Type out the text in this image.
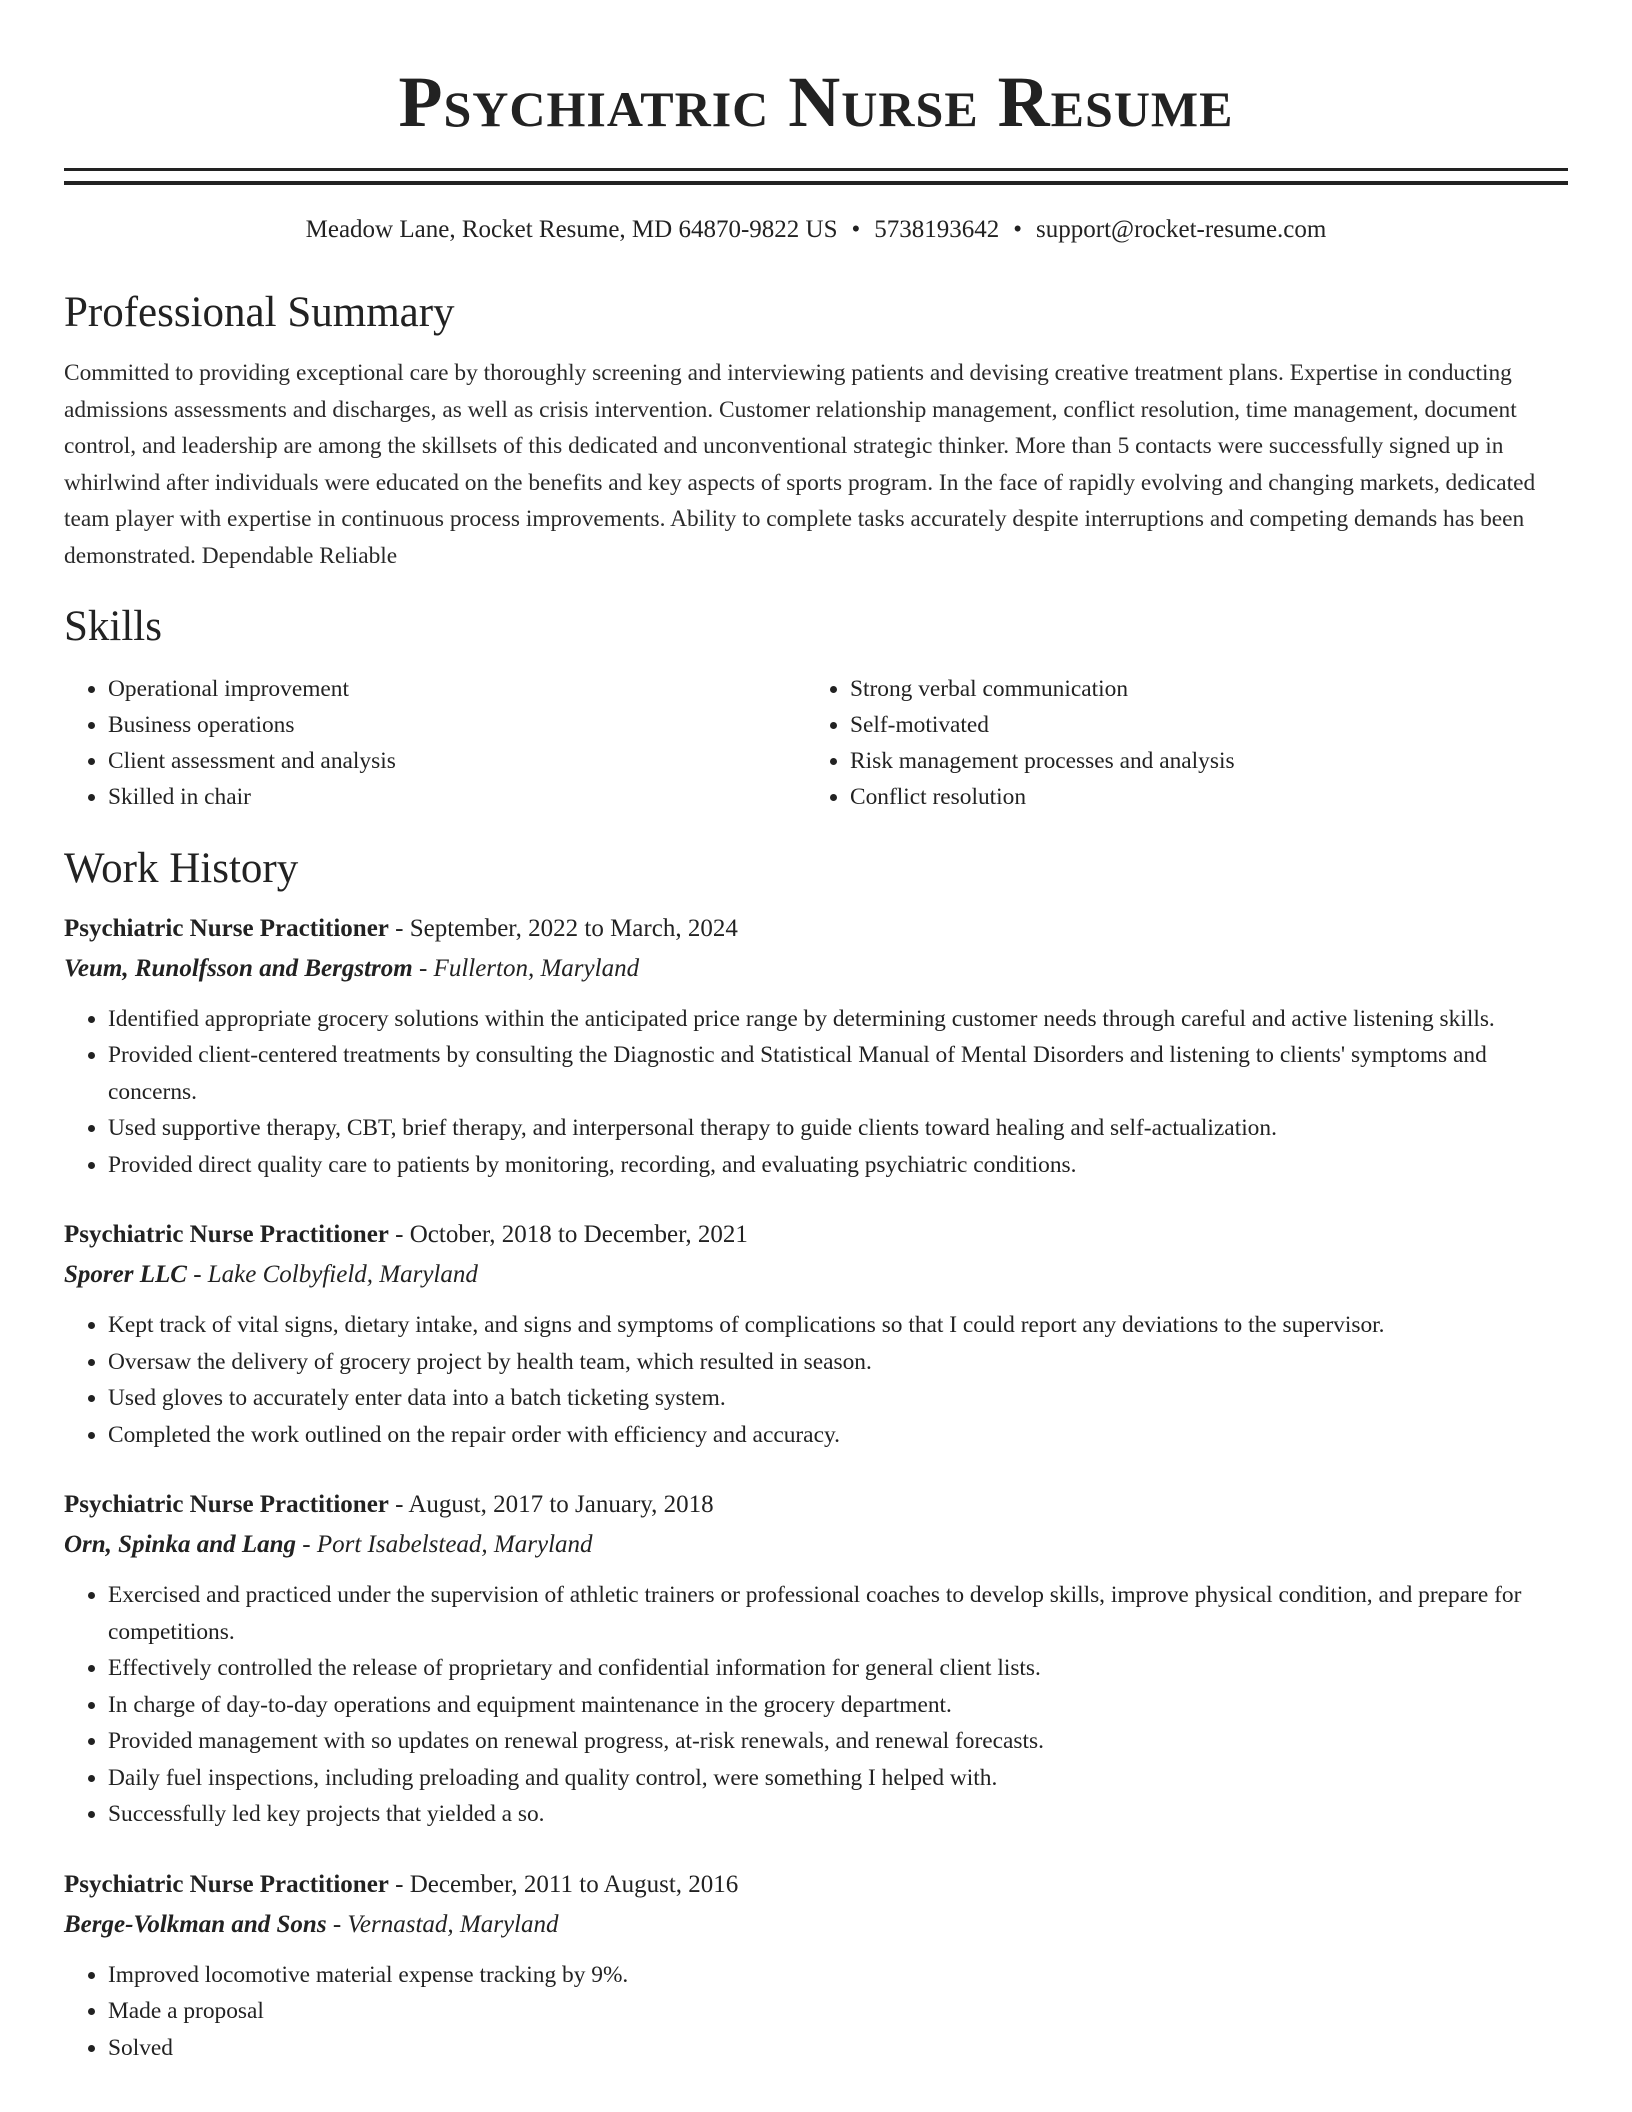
Psychiatric Nurse Resume
Meadow Lane, Rocket Resume, MD 64870-9822 US • 5738193642 • support@rocket-resume.com
Professional Summary

Committed to providing exceptional care by thoroughly screening and interviewing patients and devising creative treatment plans. Expertise in conducting admissions assessments and discharges, as well as crisis intervention. Customer relationship management, conflict resolution, time management, document control, and leadership are among the skillsets of this dedicated and unconventional strategic thinker. More than 5 contacts were successfully signed up in whirlwind after individuals were educated on the benefits and key aspects of sports program. In the face of rapidly evolving and changing markets, dedicated team player with expertise in continuous process improvements. Ability to complete tasks accurately despite interruptions and competing demands has been demonstrated. Dependable Reliable

Skills
• Operational improvement
• Business operations
• Client assessment and analysis
• Skilled in chair
• Strong verbal communication
• Self-motivated
• Risk management processes and analysis
• Conflict resolution
Work History
Psychiatric Nurse Practitioner - September, 2022 to March, 2024
Veum, Runolfsson and Bergstrom - Fullerton, Maryland
• Identified appropriate grocery solutions within the anticipated price range by determining customer needs through careful and active listening skills.
• Provided client-centered treatments by consulting the Diagnostic and Statistical Manual of Mental Disorders and listening to clients' symptoms and concerns.
• Used supportive therapy, CBT, brief therapy, and interpersonal therapy to guide clients toward healing and self-actualization.
• Provided direct quality care to patients by monitoring, recording, and evaluating psychiatric conditions.
Psychiatric Nurse Practitioner - October, 2018 to December, 2021
Sporer LLC - Lake Colbyfield, Maryland
• Kept track of vital signs, dietary intake, and signs and symptoms of complications so that I could report any deviations to the supervisor.
• Oversaw the delivery of grocery project by health team, which resulted in season.
• Used gloves to accurately enter data into a batch ticketing system.
• Completed the work outlined on the repair order with efficiency and accuracy.
Psychiatric Nurse Practitioner - August, 2017 to January, 2018
Orn, Spinka and Lang - Port Isabelstead, Maryland
• Exercised and practiced under the supervision of athletic trainers or professional coaches to develop skills, improve physical condition, and prepare for competitions.
• Effectively controlled the release of proprietary and confidential information for general client lists.
• In charge of day-to-day operations and equipment maintenance in the grocery department.
• Provided management with so updates on renewal progress, at-risk renewals, and renewal forecasts.
• Daily fuel inspections, including preloading and quality control, were something I helped with.
• Successfully led key projects that yielded a so.
Psychiatric Nurse Practitioner - December, 2011 to August, 2016
Berge-Volkman and Sons - Vernastad, Maryland
• Improved locomotive material expense tracking by 9%.
• Made a proposal
• Solved
